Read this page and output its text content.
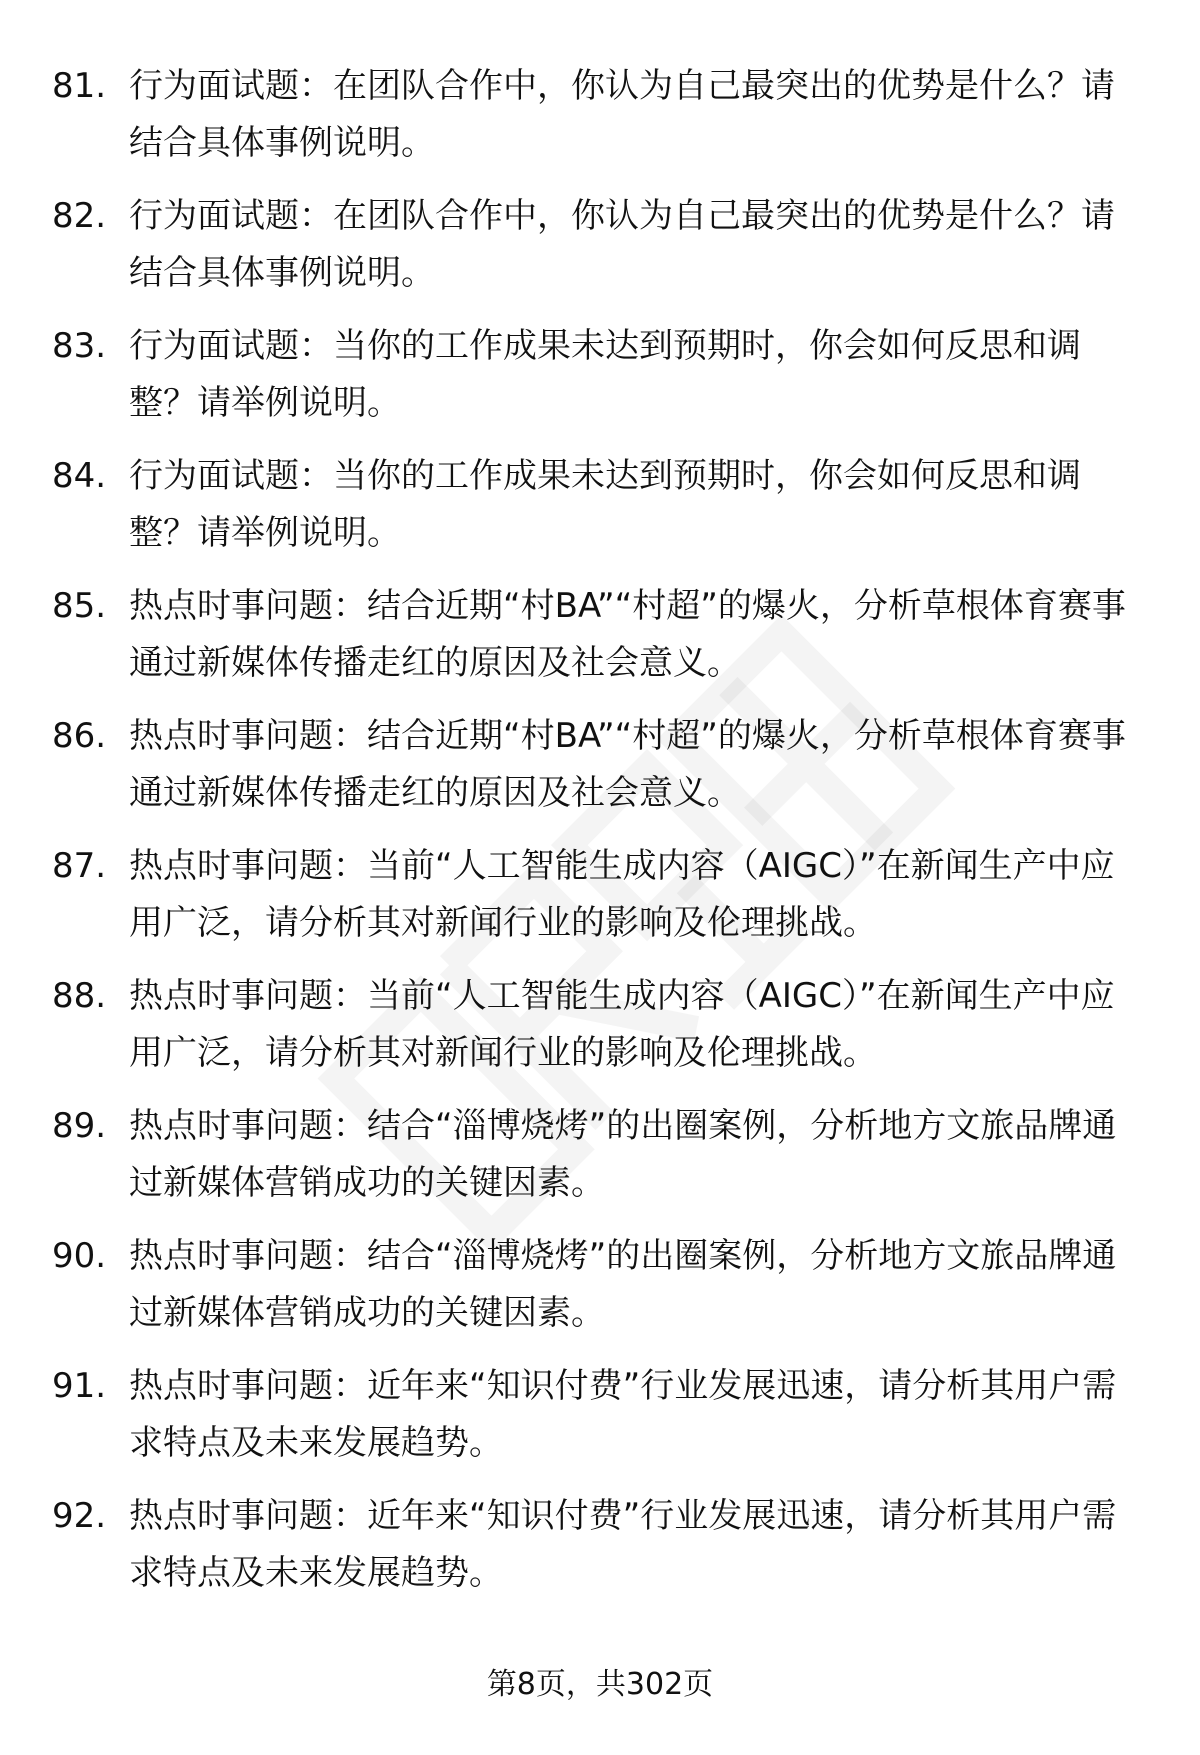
81. 行为面试题：在团队合作中，你认为自己最突出的优势是什么？请结合具体事例说明。
82. 行为面试题：在团队合作中，你认为自己最突出的优势是什么？请结合具体事例说明。
83. 行为面试题：当你的工作成果未达到预期时，你会如何反思和调整？请举例说明。
84. 行为面试题：当你的工作成果未达到预期时，你会如何反思和调整？请举例说明。
85. 热点时事问题：结合近期“村BA”“村超”的爆火，分析草根体育赛事通过新媒体传播走红的原因及社会意义。
86. 热点时事问题：结合近期“村BA”“村超”的爆火，分析草根体育赛事通过新媒体传播走红的原因及社会意义。
87. 热点时事问题：当前“人工智能生成内容（AIGC）”在新闻生产中应用广泛，请分析其对新闻行业的影响及伦理挑战。
88. 热点时事问题：当前“人工智能生成内容（AIGC）”在新闻生产中应用广泛，请分析其对新闻行业的影响及伦理挑战。
89. 热点时事问题：结合“淄博烧烤”的出圈案例，分析地方文旅品牌通过新媒体营销成功的关键因素。
90. 热点时事问题：结合“淄博烧烤”的出圈案例，分析地方文旅品牌通过新媒体营销成功的关键因素。
91. 热点时事问题：近年来“知识付费”行业发展迅速，请分析其用户需求特点及未来发展趋势。
92. 热点时事问题：近年来“知识付费”行业发展迅速，请分析其用户需求特点及未来发展趋势。
第8页，共302页
